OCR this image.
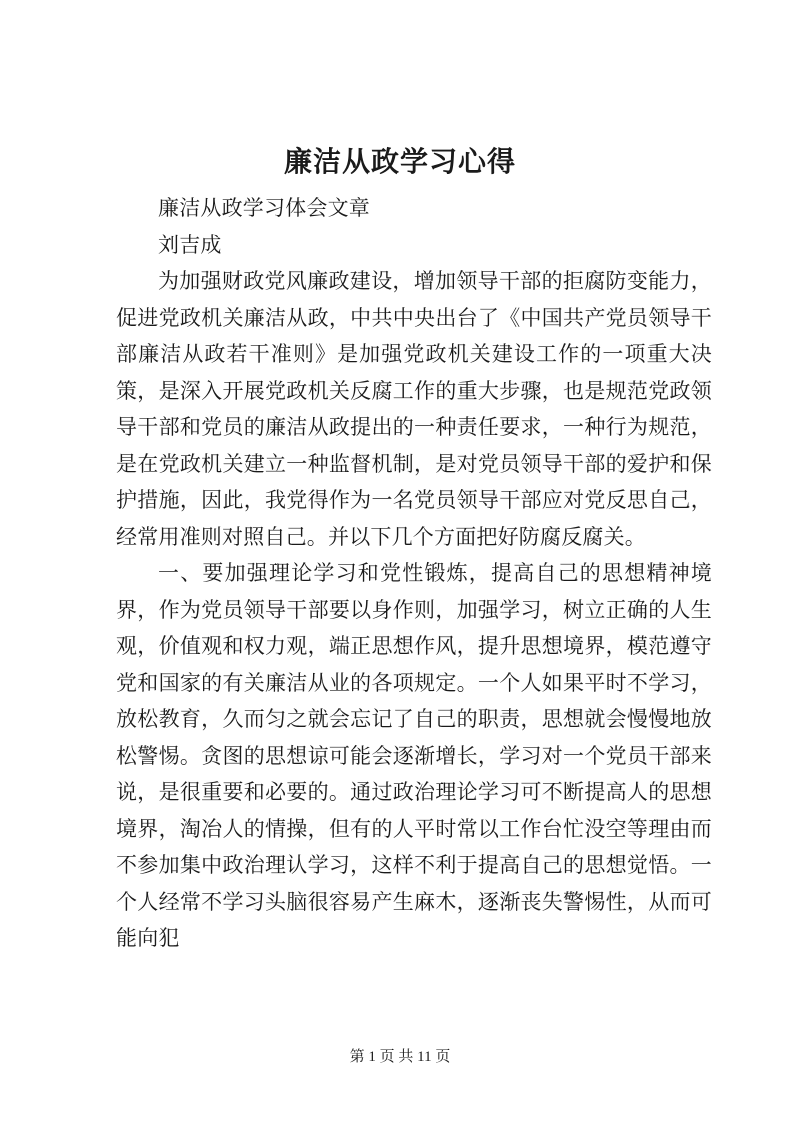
廉洁从政学习心得

廉洁从政学习体会文章

刘吉成

为加强财政党风廉政建设，增加领导干部的拒腐防变能力，促进党政机关廉洁从政，中共中央出台了《中国共产党员领导干部廉洁从政若干准则》是加强党政机关建设工作的一项重大决策，是深入开展党政机关反腐工作的重大步骤，也是规范党政领导干部和党员的廉洁从政提出的一种责任要求，一种行为规范，是在党政机关建立一种监督机制，是对党员领导干部的爱护和保护措施，因此，我党得作为一名党员领导干部应对党反思自己，经常用准则对照自己。并以下几个方面把好防腐反腐关。

一、要加强理论学习和党性锻炼，提高自己的思想精神境界，作为党员领导干部要以身作则，加强学习，树立正确的人生观，价值观和权力观，端正思想作风，提升思想境界，模范遵守党和国家的有关廉洁从业的各项规定。一个人如果平时不学习，放松教育，久而匀之就会忘记了自己的职责，思想就会慢慢地放松警惕。贪图的思想谅可能会逐渐增长，学习对一个党员干部来说，是很重要和必要的。通过政治理论学习可不断提高人的思想境界，淘冶人的情操，但有的人平时常以工作台忙没空等理由而不参加集中政治理认学习，这样不利于提高自己的思想觉悟。一个人经常不学习头脑很容易产生麻木，逐渐丧失警惕性，从而可能向犯

第 1 页 共 11 页
